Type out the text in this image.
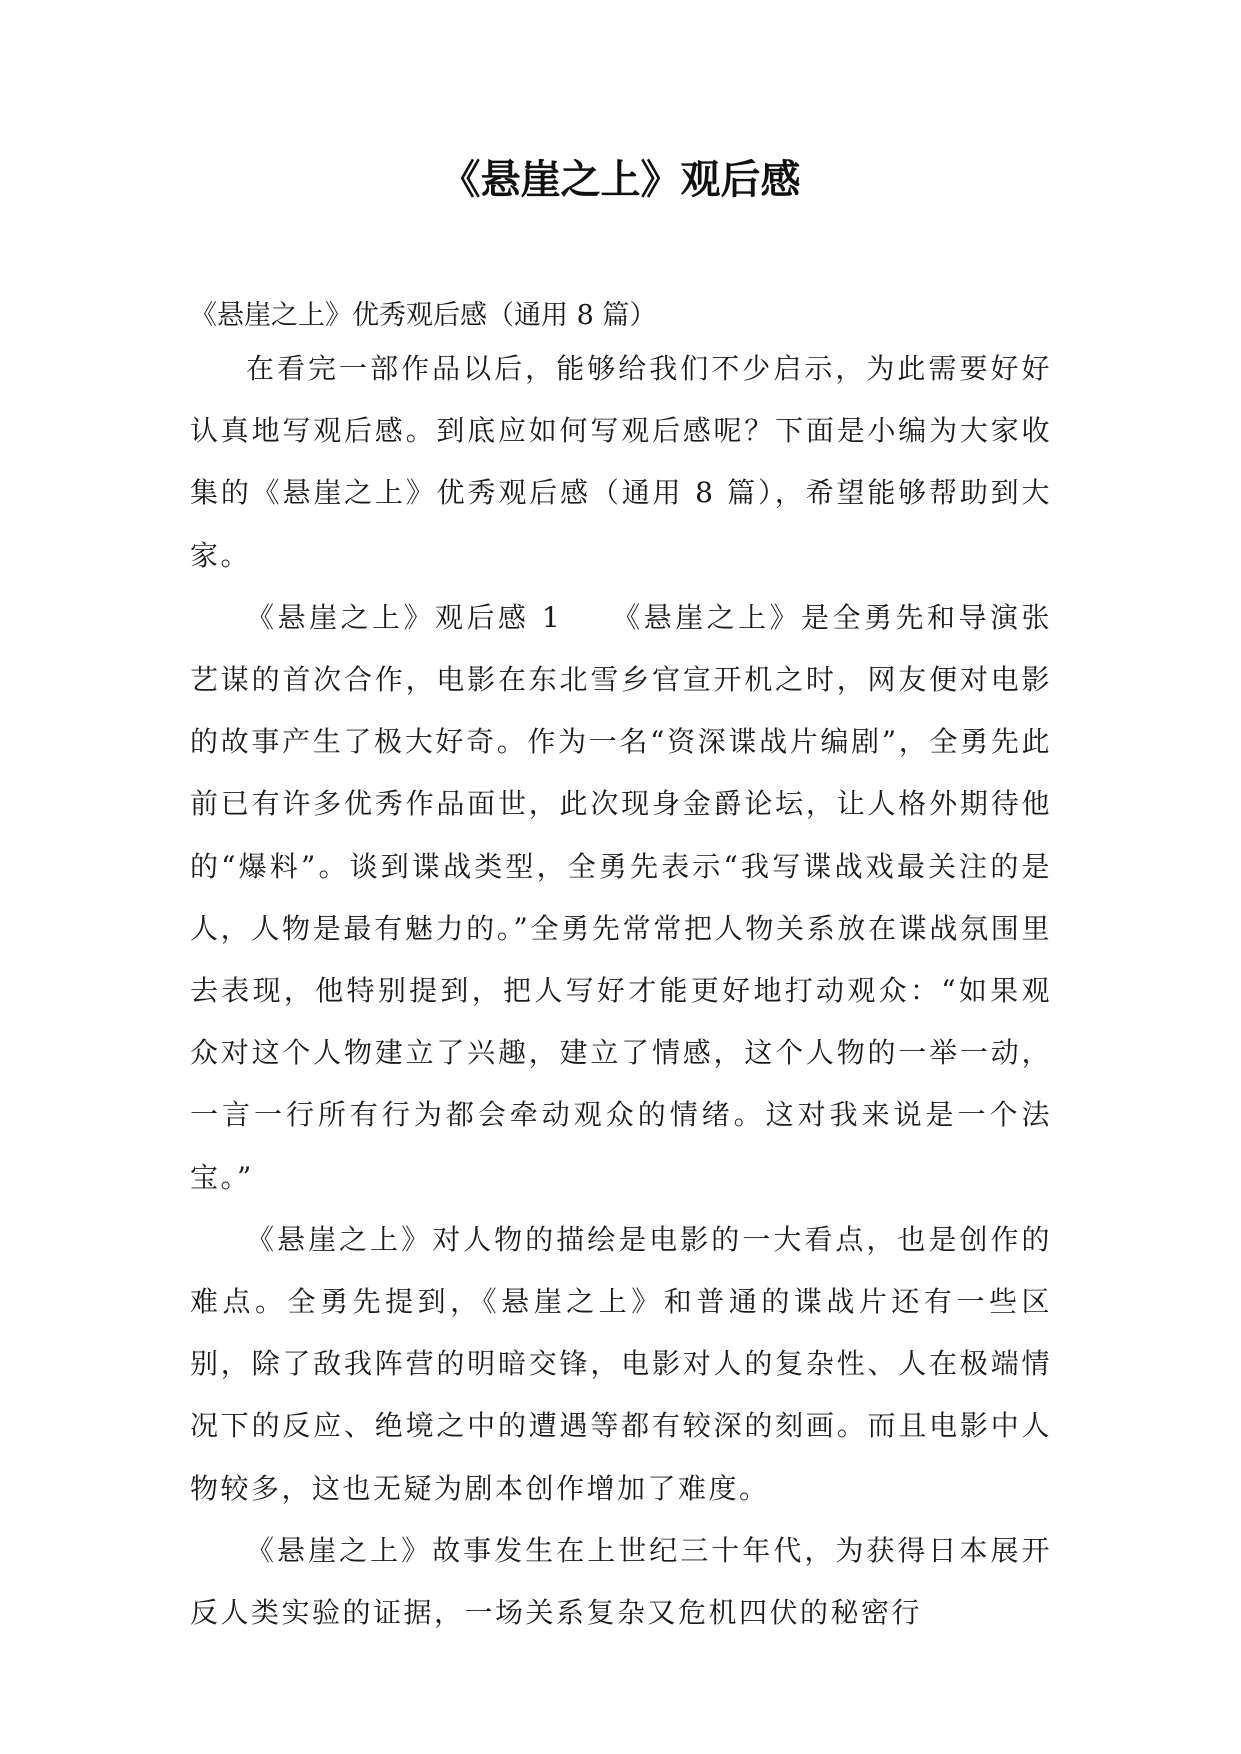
《悬崖之上》观后感

《悬崖之上》优秀观后感（通用 8 篇）

在看完一部作品以后，能够给我们不少启示，为此需要好好认真地写观后感。到底应如何写观后感呢？下面是小编为大家收集的《悬崖之上》优秀观后感（通用 8 篇），希望能够帮助到大家。

《悬崖之上》观后感 1　　《悬崖之上》是全勇先和导演张艺谋的首次合作，电影在东北雪乡官宣开机之时，网友便对电影的故事产生了极大好奇。作为一名“资深谍战片编剧”，全勇先此前已有许多优秀作品面世，此次现身金爵论坛，让人格外期待他的“爆料”。谈到谍战类型，全勇先表示“我写谍战戏最关注的是人，人物是最有魅力的。”全勇先常常把人物关系放在谍战氛围里去表现，他特别提到，把人写好才能更好地打动观众：“如果观众对这个人物建立了兴趣，建立了情感，这个人物的一举一动，一言一行所有行为都会牵动观众的情绪。这对我来说是一个法宝。”

《悬崖之上》对人物的描绘是电影的一大看点，也是创作的难点。全勇先提到，《悬崖之上》和普通的谍战片还有一些区别，除了敌我阵营的明暗交锋，电影对人的复杂性、人在极端情况下的反应、绝境之中的遭遇等都有较深的刻画。而且电影中人物较多，这也无疑为剧本创作增加了难度。

《悬崖之上》故事发生在上世纪三十年代，为获得日本展开反人类实验的证据，一场关系复杂又危机四伏的秘密行
